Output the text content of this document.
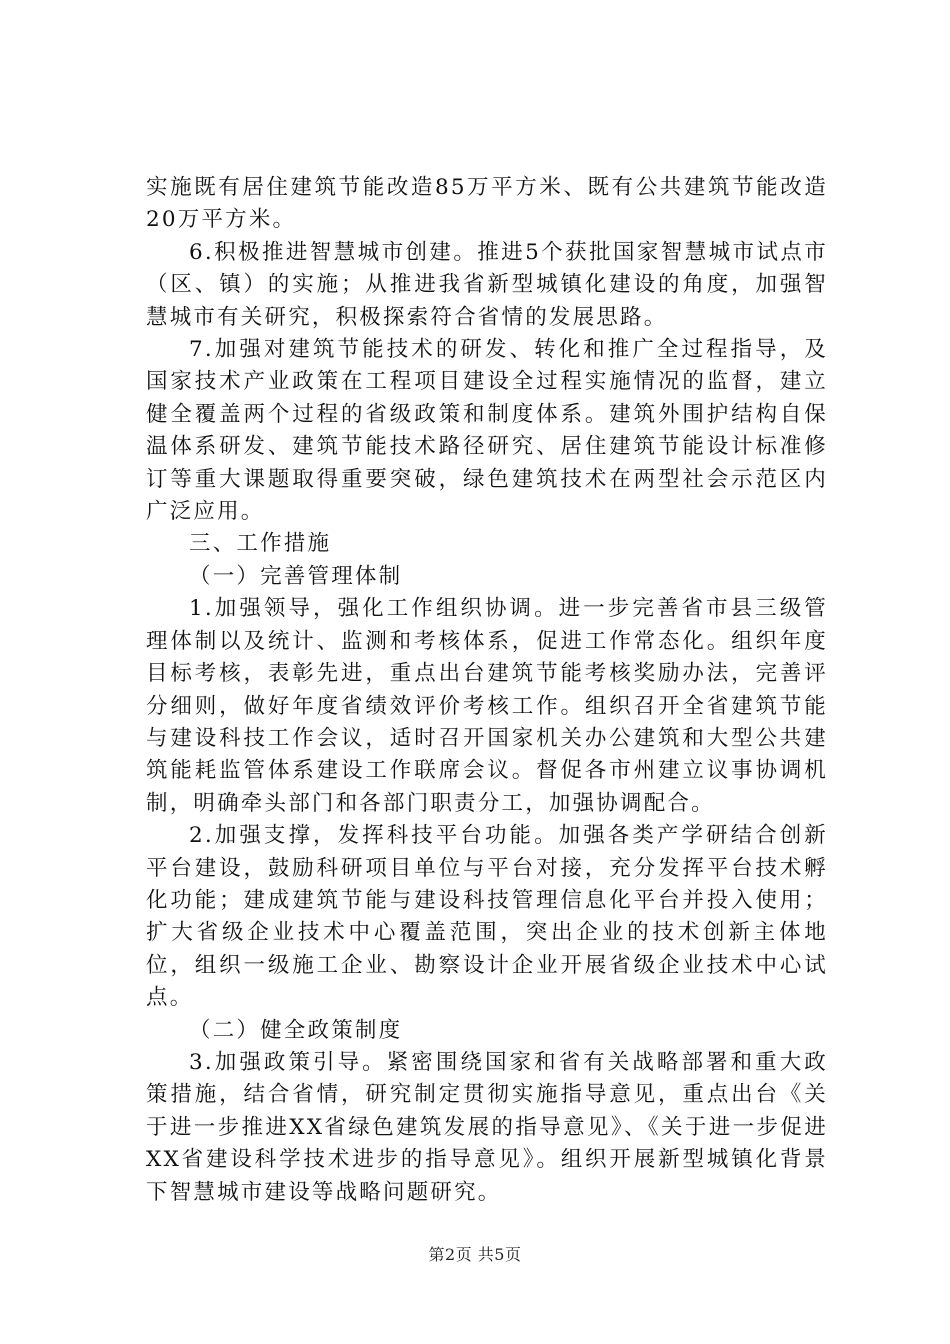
实施既有居住建筑节能改造85万平方米、既有公共建筑节能改造20万平方米。

6.积极推进智慧城市创建。推进5个获批国家智慧城市试点市（区、镇）的实施；从推进我省新型城镇化建设的角度，加强智慧城市有关研究，积极探索符合省情的发展思路。

7.加强对建筑节能技术的研发、转化和推广全过程指导，及国家技术产业政策在工程项目建设全过程实施情况的监督，建立健全覆盖两个过程的省级政策和制度体系。建筑外围护结构自保温体系研发、建筑节能技术路径研究、居住建筑节能设计标准修订等重大课题取得重要突破，绿色建筑技术在两型社会示范区内广泛应用。

三、工作措施

（一）完善管理体制

1.加强领导，强化工作组织协调。进一步完善省市县三级管理体制以及统计、监测和考核体系，促进工作常态化。组织年度目标考核，表彰先进，重点出台建筑节能考核奖励办法，完善评分细则，做好年度省绩效评价考核工作。组织召开全省建筑节能与建设科技工作会议，适时召开国家机关办公建筑和大型公共建筑能耗监管体系建设工作联席会议。督促各市州建立议事协调机制，明确牵头部门和各部门职责分工，加强协调配合。

2.加强支撑，发挥科技平台功能。加强各类产学研结合创新平台建设，鼓励科研项目单位与平台对接，充分发挥平台技术孵化功能；建成建筑节能与建设科技管理信息化平台并投入使用；扩大省级企业技术中心覆盖范围，突出企业的技术创新主体地位，组织一级施工企业、勘察设计企业开展省级企业技术中心试点。

（二）健全政策制度

3.加强政策引导。紧密围绕国家和省有关战略部署和重大政策措施，结合省情，研究制定贯彻实施指导意见，重点出台《关于进一步推进XX省绿色建筑发展的指导意见》、《关于进一步促进XX省建设科学技术进步的指导意见》。组织开展新型城镇化背景下智慧城市建设等战略问题研究。

第2页 共5页
